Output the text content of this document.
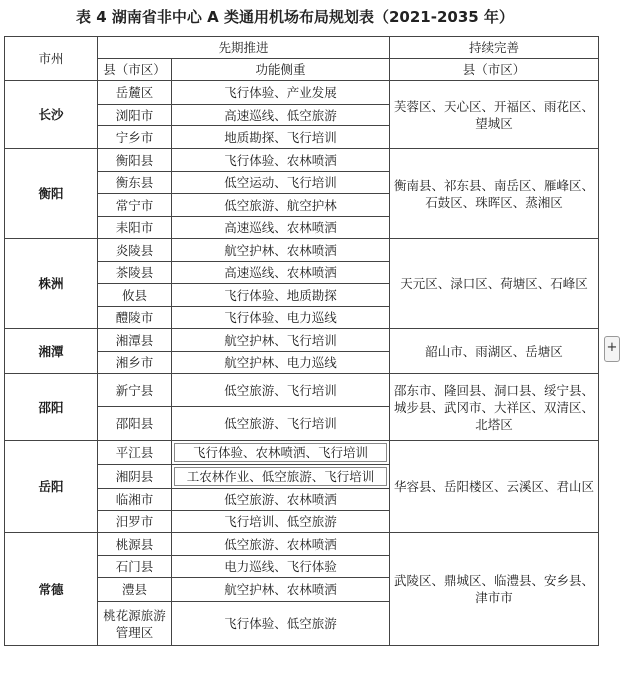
表 4 湖南省非中心 A 类通用机场布局规划表（2021-2035 年）
市州	先期推进		持续完善
	县（市区）	功能侧重	县（市区）
长沙	岳麓区	飞行体验、产业发展	芙蓉区、天心区、开福区、雨花区、望城区
	浏阳市	高速巡线、低空旅游	
	宁乡市	地质勘探、飞行培训	
衡阳	衡阳县	飞行体验、农林喷洒	衡南县、祁东县、南岳区、雁峰区、石鼓区、珠晖区、蒸湘区
	衡东县	低空运动、飞行培训	
	常宁市	低空旅游、航空护林	
	耒阳市	高速巡线、农林喷洒	
株洲	炎陵县	航空护林、农林喷洒	天元区、渌口区、荷塘区、石峰区
	茶陵县	高速巡线、农林喷洒	
	攸县	飞行体验、地质勘探	
	醴陵市	飞行体验、电力巡线	
湘潭	湘潭县	航空护林、飞行培训	韶山市、雨湖区、岳塘区
	湘乡市	航空护林、电力巡线	
邵阳	新宁县	低空旅游、飞行培训	邵东市、隆回县、洞口县、绥宁县、城步县、武冈市、大祥区、双清区、北塔区
	邵阳县	低空旅游、飞行培训	
岳阳	平江县	飞行体验、农林喷洒、飞行培训	华容县、岳阳楼区、云溪区、君山区
	湘阴县	工农林作业、低空旅游、飞行培训	

	临湘市	低空旅游、农林喷洒	
	汨罗市	飞行培训、低空旅游	
常德	桃源县	低空旅游、农林喷洒	武陵区、鼎城区、临澧县、安乡县、津市市
	石门县	电力巡线、飞行体验	
	澧县	航空护林、农林喷洒	
	桃花源旅游管理区	飞行体验、低空旅游	
+
